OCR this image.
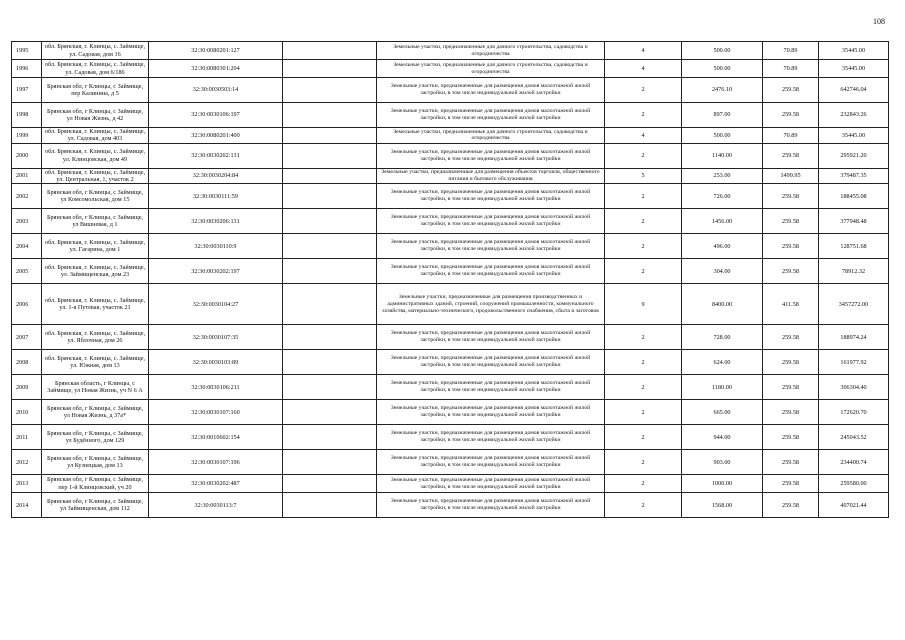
108
1995	обл. Брянская, г. Клинцы, с. Займище, ул. Садовая, дом 16	32:30:0080201:127		Земельные участки, предназначенные для дачного строительства, садоводства и огородничества	4	500.00	70.89	35445.00
1996	обл. Брянская, г. Клинцы, с. Займище, ул. Садовая, дом 6/186	32:30:0080301:204		Земельные участки, предназначенные для дачного строительства, садоводства и огородничества	4	500.00	70.89	35445.00
1997	Брянская обл, г Клинцы, с Займище, пер Калинина, д 5	32:30:0030503:14		Земельные участки, предназначенные для размещения домов малоэтажной жилой застройки, в том числе индивидуальной жилой застройки	2	2476.10	259.58	642746.04
1998	Брянская обл, г Клинцы, с Займище, ул Новая Жизнь, д 42	32:30:0030106:197		Земельные участки, предназначенные для размещения домов малоэтажной жилой застройки, в том числе индивидуальной жилой застройки	2	897.00	259.58	232843.26
1999	обл. Брянская, г. Клинцы, с. Займище, ул. Садовая, дом 403	32:30:0080201:400		Земельные участки, предназначенные для дачного строительства, садоводства и огородничества	4	500.00	70.89	35445.00
2000	обл. Брянская, г. Клинцы, с. Займище, ул. Клинцовская, дом 49	32:30:0030202:131		Земельные участки, предназначенные для размещения домов малоэтажной жилой застройки, в том числе индивидуальной жилой застройки	2	1140.00	259.58	295921.20
2001	обл. Брянская, г. Клинцы, с. Займище, ул. Центральная, 1, участок 2	32:30:0030204:84		Земельные участки, предназначенные для размещения объектов торговли, общественного питания и бытового обслуживания	5	253.00	1499.95	379487.35
2002	Брянская обл, г Клинцы, с Займище, ул Комсомольская, дом 15	32:30:0030111:59		Земельные участки, предназначенные для размещения домов малоэтажной жилой застройки, в том числе индивидуальной жилой застройки	2	726.00	259.58	188455.08
2003	Брянская обл, г Клинцы, с Займище, ул Вишневая, д 1	32:30:0030206:131		Земельные участки, предназначенные для размещения домов малоэтажной жилой застройки, в том числе индивидуальной жилой застройки	2	1456.00	259.58	377948.48
2004	обл. Брянская, г. Клинцы, с. Займище, ул. Гагарина, дом 1	32:30:0030110:9		Земельные участки, предназначенные для размещения домов малоэтажной жилой застройки, в том числе индивидуальной жилой застройки	2	496.00	259.58	128751.68
2005	обл. Брянская, г. Клинцы, с. Займище, ул. Займищенская, дом 23	32:30:0030202:197		Земельные участки, предназначенные для размещения домов малоэтажной жилой застройки, в том числе индивидуальной жилой застройки	2	304.00	259.58	78912.32
2006	обл. Брянская, г. Клинцы, с. Займище, ул. 1-я Путевая, участок 21	32:30:0030104:27		Земельные участки, предназначенные для размещения производственных и административных зданий, строений, сооружений промышленности, коммунального хозяйства, материально-технического, продовольственного снабжения, сбыта и заготовок	9	8400.00	411.58	3457272.00
2007	обл. Брянская, г. Клинцы, с. Займище, ул. Яблочная, дом 26	32:30:0030107:35		Земельные участки, предназначенные для размещения домов малоэтажной жилой застройки, в том числе индивидуальной жилой застройки	2	728.00	259.58	188974.24
2008	обл. Брянская, г. Клинцы, с. Займище, ул. Южная, дом 13	32:30:0030103:89		Земельные участки, предназначенные для размещения домов малоэтажной жилой застройки, в том числе индивидуальной жилой застройки	2	624.00	259.58	161977.92
2009	Брянская область, г Клинцы, с Займище, ул Новая Жизнь, уч N 6 А	32:30:0030106:211		Земельные участки, предназначенные для размещения домов малоэтажной жилой застройки, в том числе индивидуальной жилой застройки	2	1180.00	259.58	306304.40
2010	Брянская обл, г Клинцы, с Займище, ул Новая Жизнь, д 37а*	32:30:0030107:160		Земельные участки, предназначенные для размещения домов малоэтажной жилой застройки, в том числе индивидуальной жилой застройки	2	665.00	259.58	172620.70
2011	Брянская обл, г Клинцы, с Займище, ул Будённого, дом 129	32:30:0010602:154		Земельные участки, предназначенные для размещения домов малоэтажной жилой застройки, в том числе индивидуальной жилой застройки	2	944.00	259.58	245043.52
2012	Брянская обл, г Клинцы, с Займище, ул Кузнецкая, дом 13	32:30:0030107:196		Земельные участки, предназначенные для размещения домов малоэтажной жилой застройки, в том числе индивидуальной жилой застройки	2	903.00	259.58	234400.74
2013	Брянская обл, г Клинцы, с Займище, пер 1-й Клинцовский, уч 20	32:30:0030202:487		Земельные участки, предназначенные для размещения домов малоэтажной жилой застройки, в том числе индивидуальной жилой застройки	2	1000.00	259.58	259580.00
2014	Брянская обл, г Клинцы, с Займище, ул Займищенская, дом 112	32:30:0030113:7		Земельные участки, предназначенные для размещения домов малоэтажной жилой застройки, в том числе индивидуальной жилой застройки	2	1568.00	259.58	407021.44
